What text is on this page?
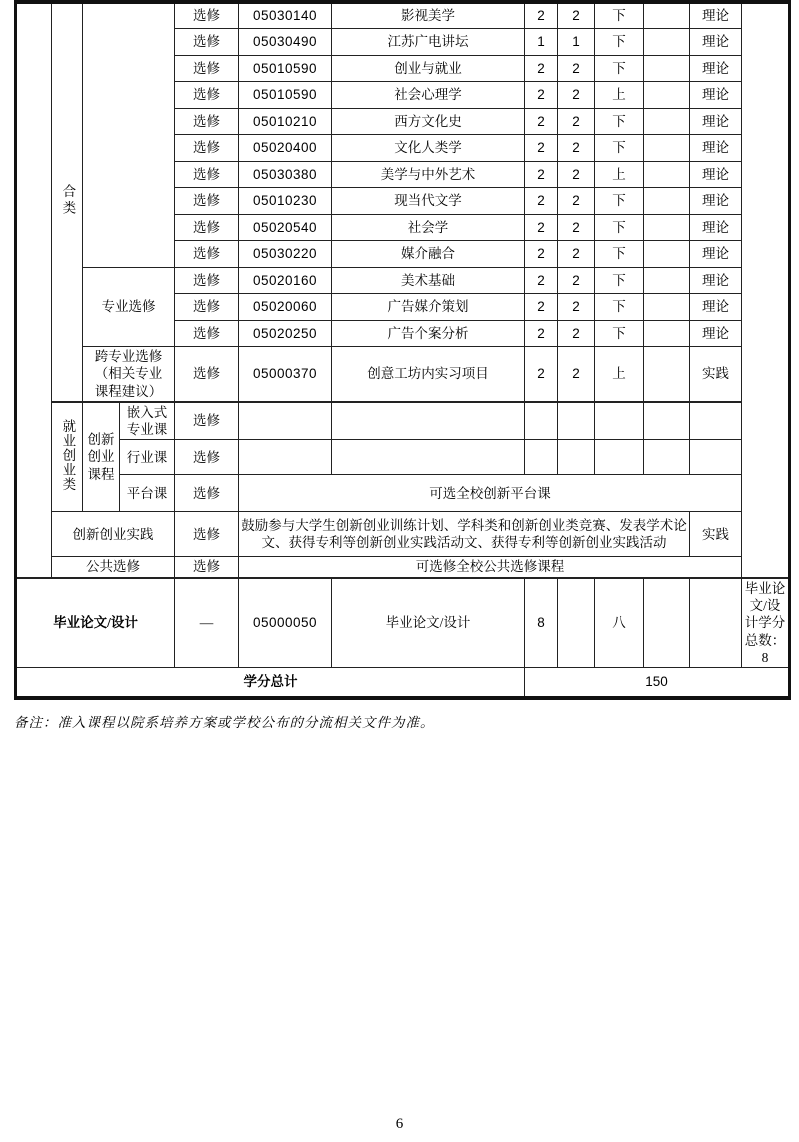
	合类			选修	05030140	影视美学	2	2	下		理论	
				选修	05030490	江苏广电讲坛	1	1	下		理论	
				选修	05010590	创业与就业	2	2	下		理论	
				选修	05010590	社会心理学	2	2	上		理论	
				选修	05010210	西方文化史	2	2	下		理论	
				选修	05020400	文化人类学	2	2	下		理论	
				选修	05030380	美学与中外艺术	2	2	上		理论	
				选修	05010230	现当代文学	2	2	下		理论	
				选修	05020540	社会学	2	2	下		理论	
				选修	05030220	媒介融合	2	2	下		理论	
		专业选修		选修	05020160	美术基础	2	2	下		理论	
				选修	05020060	广告媒介策划	2	2	下		理论	
				选修	05020250	广告个案分析	2	2	下		理论	
		跨专业选修（相关专业课程建议）		选修	05000370	创意工坊内实习项目	2	2	上		实践	
	就业创业类	创新创业课程	嵌入式专业课	选修								
			行业课	选修								
			平台课	选修	可选全校创新平台课							
	创新创业实践			选修	鼓励参与大学生创新创业训练计划、学科类和创新创业类竞赛、发表学术论文、获得专利等创新创业实践活动文、获得专利等创新创业实践活动						实践	
	公共选修			选修	可选修全校公共选修课程							
毕业论文/设计				—	05000050	毕业论文/设计	8		八			毕业论文/设计学分总数：8
学分总计							150					
备注：准入课程以院系培养方案或学校公布的分流相关文件为准。
6
